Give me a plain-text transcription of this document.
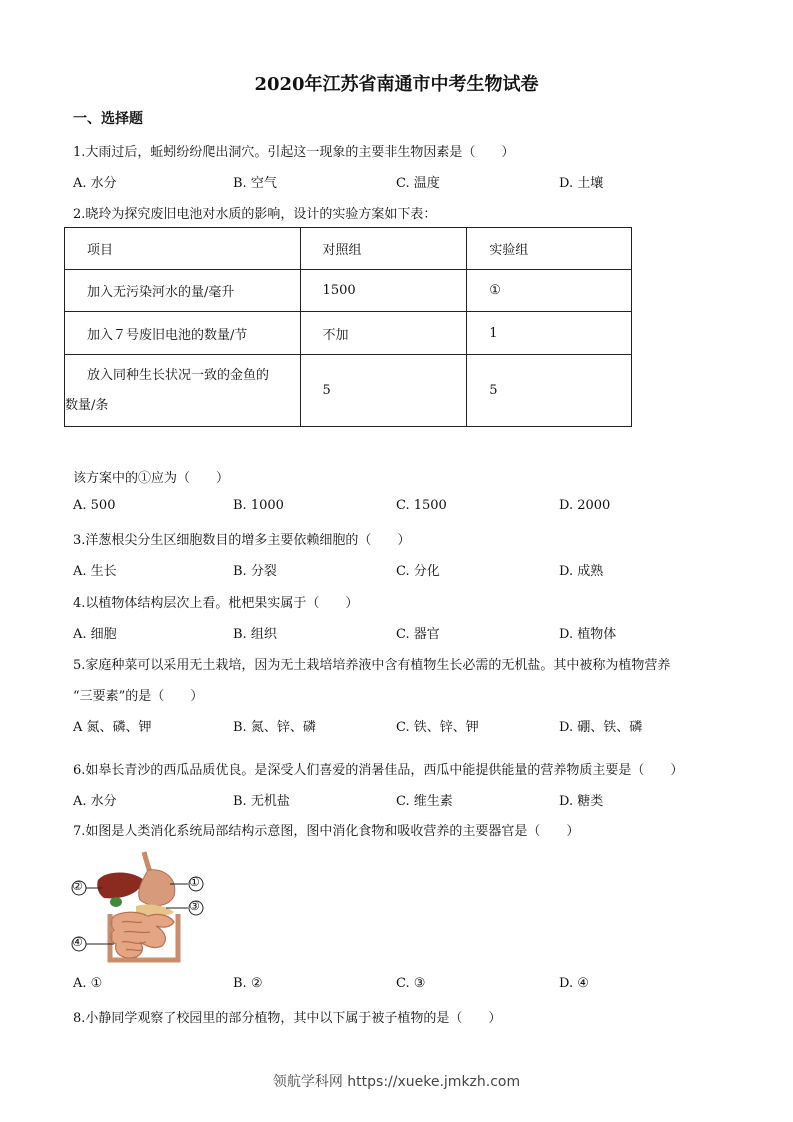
2020年江苏省南通市中考生物试卷
一、选择题
1.大雨过后，蚯蚓纷纷爬出洞穴。引起这一现象的主要非生物因素是（　　）
A. 水分	B. 空气	C. 温度	D. 土壤
2.晓玲为探究废旧电池对水质的影响，设计的实验方案如下表：
项目	对照组	实验组
加入无污染河水的量/毫升	1500	①
加入７号废旧电池的数量/节	不加	1
放入同种生长状况一致的金鱼的
数量/条	5	5
该方案中的①应为（　　）
A. 500	B. 1000	C. 1500	D. 2000
3.洋葱根尖分生区细胞数目的增多主要依赖细胞的（　　）
A. 生长	B. 分裂	C. 分化	D. 成熟
4.以植物体结构层次上看。枇杷果实属于（　　）
A. 细胞	B. 组织	C. 器官	D. 植物体
5.家庭种菜可以采用无土栽培，因为无土栽培培养液中含有植物生长必需的无机盐。其中被称为植物营养
“三要素”的是（　　）
A 氮、磷、钾	B. 氮、锌、磷	C. 铁、锌、钾	D. 硼、铁、磷
6.如皋长青沙的西瓜品质优良。是深受人们喜爱的消暑佳品，西瓜中能提供能量的营养物质主要是（　　）
A. 水分	B. 无机盐	C. 维生素	D. 糖类
7.如图是人类消化系统局部结构示意图，图中消化食物和吸收营养的主要器官是（　　）
①
②
③
④
A. ①	B. ②	C. ③	D. ④
8.小静同学观察了校园里的部分植物，其中以下属于被子植物的是（　　）
领航学科网 https://xueke.jmkzh.com
